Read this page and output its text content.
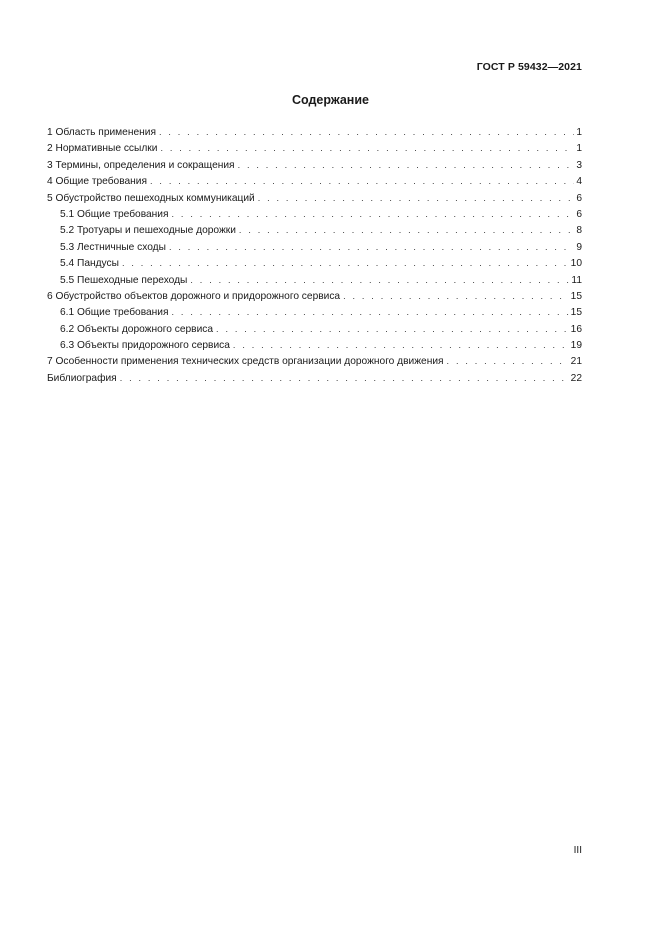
ГОСТ Р 59432—2021
Содержание
1 Область применения . . .	1
2 Нормативные ссылки . . .	1
3 Термины, определения и сокращения . . .	3
4 Общие требования . . .	4
5 Обустройство пешеходных коммуникаций . . .	6
5.1 Общие требования . . .	6
5.2 Тротуары и пешеходные дорожки . . .	8
5.3 Лестничные сходы . . .	9
5.4 Пандусы . . .	10
5.5 Пешеходные переходы . . .	11
6 Обустройство объектов дорожного и придорожного сервиса . . .	15
6.1 Общие требования . . .	15
6.2 Объекты дорожного сервиса . . .	16
6.3 Объекты придорожного сервиса . . .	19
7 Особенности применения технических средств организации дорожного движения . . .	21
Библиография . . .	22
III
